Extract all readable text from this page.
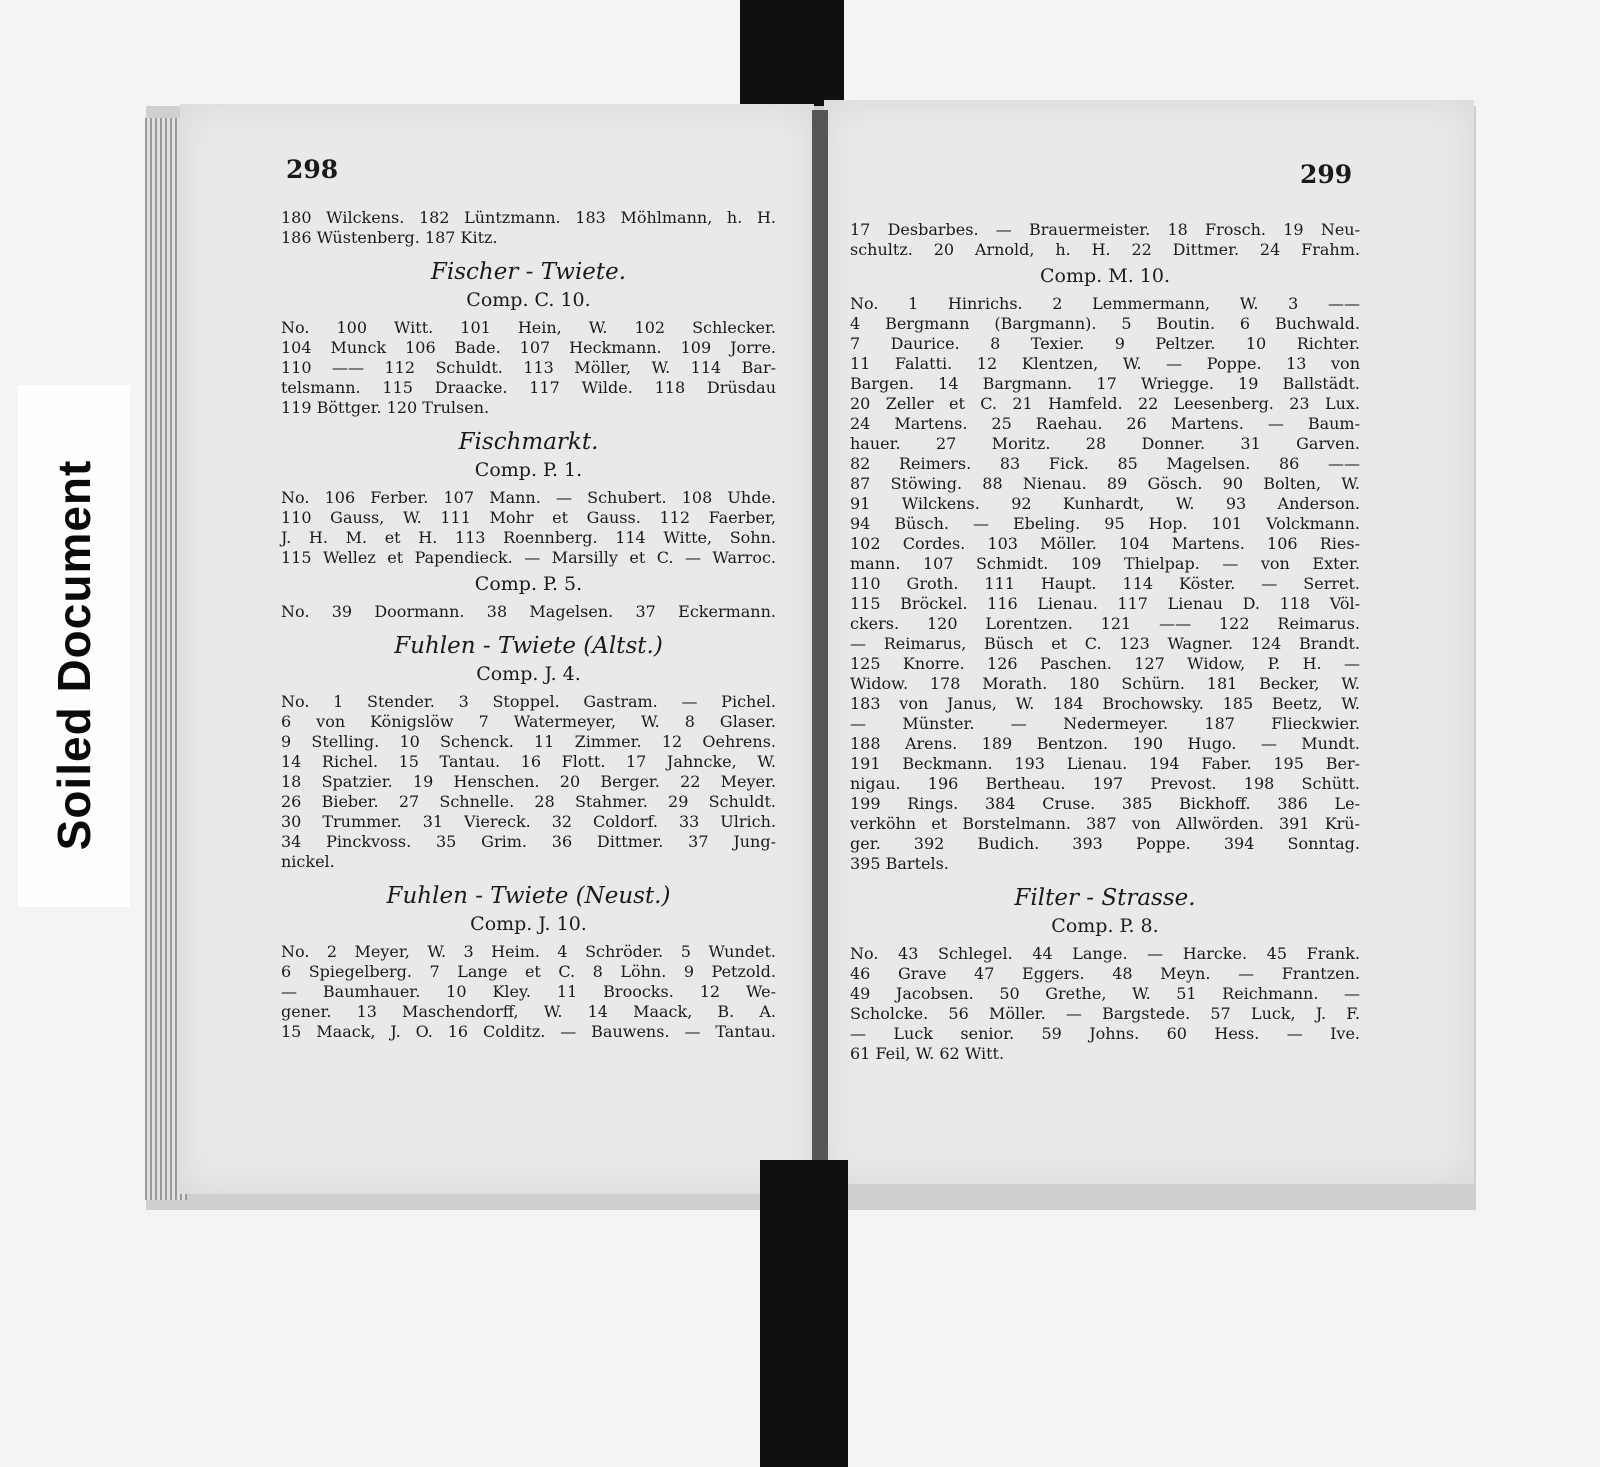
Soiled Document
298	299
180 Wilckens. 182 Lüntzmann. 183 Möhlmann, h. H.
186 Wüstenberg. 187 Kitz.
Fischer - Twiete.
Comp. C. 10.
No. 100 Witt. 101 Hein, W. 102 Schlecker.
104 Munck 106 Bade. 107 Heckmann. 109 Jorre.
110 —— 112 Schuldt. 113 Möller, W. 114 Bar-
telsmann. 115 Draacke. 117 Wilde. 118 Drüsdau
119 Böttger. 120 Trulsen.
Fischmarkt.
Comp. P. 1.
No. 106 Ferber. 107 Mann. — Schubert. 108 Uhde.
110 Gauss, W. 111 Mohr et Gauss. 112 Faerber,
J. H. M. et H. 113 Roennberg. 114 Witte, Sohn.
115 Wellez et Papendieck. — Marsilly et C. — Warroc.
Comp. P. 5.
No. 39 Doormann. 38 Magelsen. 37 Eckermann.
Fuhlen - Twiete (Altst.)
Comp. J. 4.
No. 1 Stender. 3 Stoppel. Gastram. — Pichel.
6 von Königslöw 7 Watermeyer, W. 8 Glaser.
9 Stelling. 10 Schenck. 11 Zimmer. 12 Oehrens.
14 Richel. 15 Tantau. 16 Flott. 17 Jahncke, W.
18 Spatzier. 19 Henschen. 20 Berger. 22 Meyer.
26 Bieber. 27 Schnelle. 28 Stahmer. 29 Schuldt.
30 Trummer. 31 Viereck. 32 Coldorf. 33 Ulrich.
34 Pinckvoss. 35 Grim. 36 Dittmer. 37 Jung-
nickel.
Fuhlen - Twiete (Neust.)
Comp. J. 10.
No. 2 Meyer, W. 3 Heim. 4 Schröder. 5 Wundet.
6 Spiegelberg. 7 Lange et C. 8 Löhn. 9 Petzold.
— Baumhauer. 10 Kley. 11 Broocks. 12 We-
gener. 13 Maschendorff, W. 14 Maack, B. A.
15 Maack, J. O. 16 Colditz. — Bauwens. — Tantau.
17 Desbarbes. — Brauermeister. 18 Frosch. 19 Neu-
schultz. 20 Arnold, h. H. 22 Dittmer. 24 Frahm.
Comp. M. 10.
No. 1 Hinrichs. 2 Lemmermann, W. 3 ——
4 Bergmann (Bargmann). 5 Boutin. 6 Buchwald.
7 Daurice. 8 Texier. 9 Peltzer. 10 Richter.
11 Falatti. 12 Klentzen, W. — Poppe. 13 von
Bargen. 14 Bargmann. 17 Wriegge. 19 Ballstädt.
20 Zeller et C. 21 Hamfeld. 22 Leesenberg. 23 Lux.
24 Martens. 25 Raehau. 26 Martens. — Baum-
hauer. 27 Moritz. 28 Donner. 31 Garven.
82 Reimers. 83 Fick. 85 Magelsen. 86 ——
87 Stöwing. 88 Nienau. 89 Gösch. 90 Bolten, W.
91 Wilckens. 92 Kunhardt, W. 93 Anderson.
94 Büsch. — Ebeling. 95 Hop. 101 Volckmann.
102 Cordes. 103 Möller. 104 Martens. 106 Ries-
mann. 107 Schmidt. 109 Thielpap. — von Exter.
110 Groth. 111 Haupt. 114 Köster. — Serret.
115 Bröckel. 116 Lienau. 117 Lienau D. 118 Völ-
ckers. 120 Lorentzen. 121 —— 122 Reimarus.
— Reimarus, Büsch et C. 123 Wagner. 124 Brandt.
125 Knorre. 126 Paschen. 127 Widow, P. H. —
Widow. 178 Morath. 180 Schürn. 181 Becker, W.
183 von Janus, W. 184 Brochowsky. 185 Beetz, W.
— Münster. — Nedermeyer. 187 Flieckwier.
188 Arens. 189 Bentzon. 190 Hugo. — Mundt.
191 Beckmann. 193 Lienau. 194 Faber. 195 Ber-
nigau. 196 Bertheau. 197 Prevost. 198 Schütt.
199 Rings. 384 Cruse. 385 Bickhoff. 386 Le-
verköhn et Borstelmann. 387 von Allwörden. 391 Krü-
ger. 392 Budich. 393 Poppe. 394 Sonntag.
395 Bartels.
Filter - Strasse.
Comp. P. 8.
No. 43 Schlegel. 44 Lange. — Harcke. 45 Frank.
46 Grave 47 Eggers. 48 Meyn. — Frantzen.
49 Jacobsen. 50 Grethe, W. 51 Reichmann. —
Scholcke. 56 Möller. — Bargstede. 57 Luck, J. F.
— Luck senior. 59 Johns. 60 Hess. — Ive.
61 Feil, W. 62 Witt.
